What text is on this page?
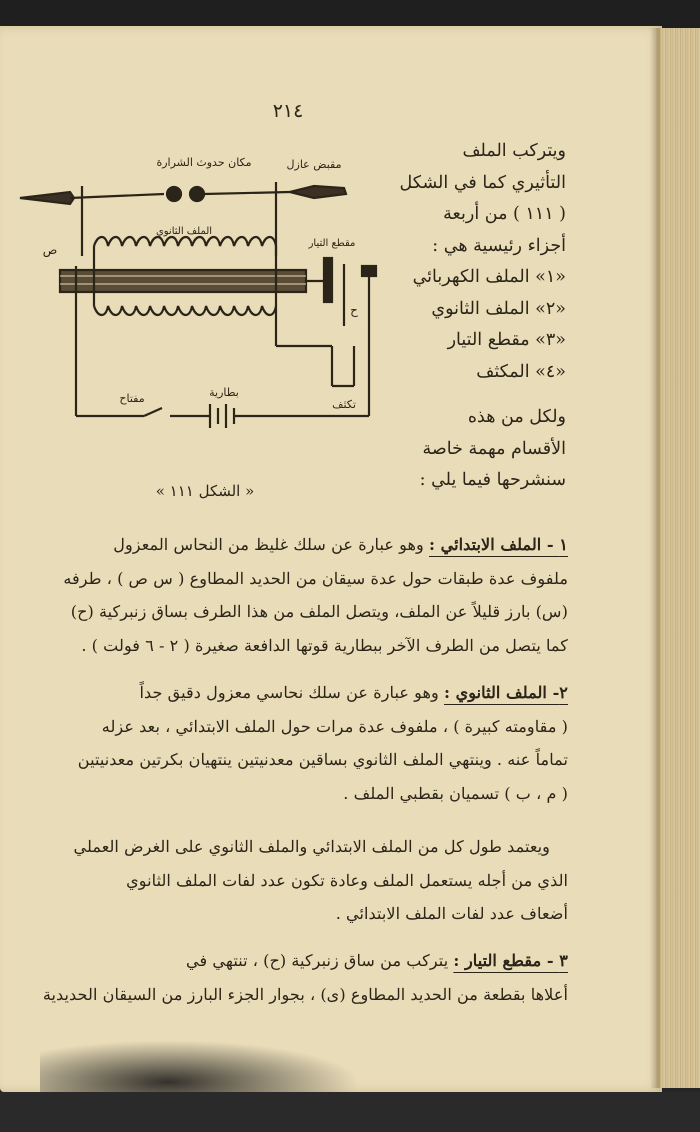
٢١٤
مكان حدوث الشرارة	مقبض عازل
الملف الثانوي
مقطع التيار
ص
ح
بطارية
مفتاح	تكثف
« الشكل ١١١ »
ويتركب الملف
التأثيري كما في الشكل
( ١١١ ) من أربعة
أجزاء رئيسية هي :
«١» الملف الكهربائي
«٢» الملف الثانوي
«٣» مقطع التيار
«٤» المكثف
ولكل من هذه
الأقسام مهمة خاصة
سنشرحها فيما يلي :
١ - الملف الابتدائي : وهو عبارة عن سلك غليظ من النحاس المعزول
ملفوف عدة طبقات حول عدة سيقان من الحديد المطاوع ( س ص ) ، طرفه
(س) بارز قليلاً عن الملف، ويتصل الملف من هذا الطرف بساق زنبركية (ح)
كما يتصل من الطرف الآخر ببطارية قوتها الدافعة صغيرة ( ٢ - ٦ فولت ) .
٢- الملف الثانوي : وهو عبارة عن سلك نحاسي معزول دقيق جداً
( مقاومته كبيرة ) ، ملفوف عدة مرات حول الملف الابتدائي ، بعد عزله
تماماً عنه . وينتهي الملف الثانوي بساقين معدنيتين ينتهيان بكرتين معدنيتين
( م ، ب ) تسميان بقطبي الملف .
ويعتمد طول كل من الملف الابتدائي والملف الثانوي على الغرض العملي
الذي من أجله يستعمل الملف وعادة تكون عدد لفات الملف الثانوي
أضعاف عدد لفات الملف الابتدائي .
٣ - مقطع التيار : يتركب من ساق زنبركية (ح) ، تنتهي في
أعلاها بقطعة من الحديد المطاوع (ى) ، بجوار الجزء البارز من السيقان الحديدية
